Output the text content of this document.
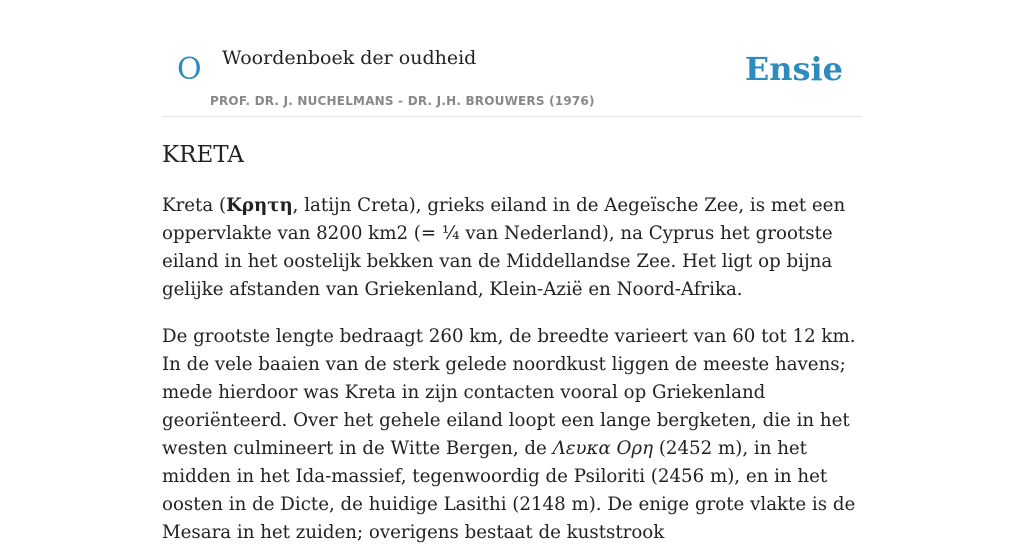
O Woordenboek der oudheid
PROF. DR. J. NUCHELMANS - DR. J.H. BROUWERS (1976)
Ensie
KRETA

Kreta (Κρητη, latijn Creta), grieks eiland in de Aegeïsche Zee, is met een oppervlakte van 8200 km2 (= ¼ van Nederland), na Cyprus het grootste eiland in het oostelijk bekken van de Middellandse Zee. Het ligt op bijna gelijke afstanden van Griekenland, Klein-Azië en Noord-Afrika.

De grootste lengte bedraagt 260 km, de breedte varieert van 60 tot 12 km. In de vele baaien van de sterk gelede noordkust liggen de meeste havens; mede hierdoor was Kreta in zijn contacten vooral op Griekenland georiënteerd. Over het gehele eiland loopt een lange bergketen, die in het westen culmineert in de Witte Bergen, de Λευκα Ορη (2452 m), in het midden in het Ida-massief, tegenwoordig de Psiloriti (2456 m), en in het oosten in de Dicte, de huidige Lasithi (2148 m). De enige grote vlakte is de Mesara in het zuiden; overigens bestaat de kuststrook
